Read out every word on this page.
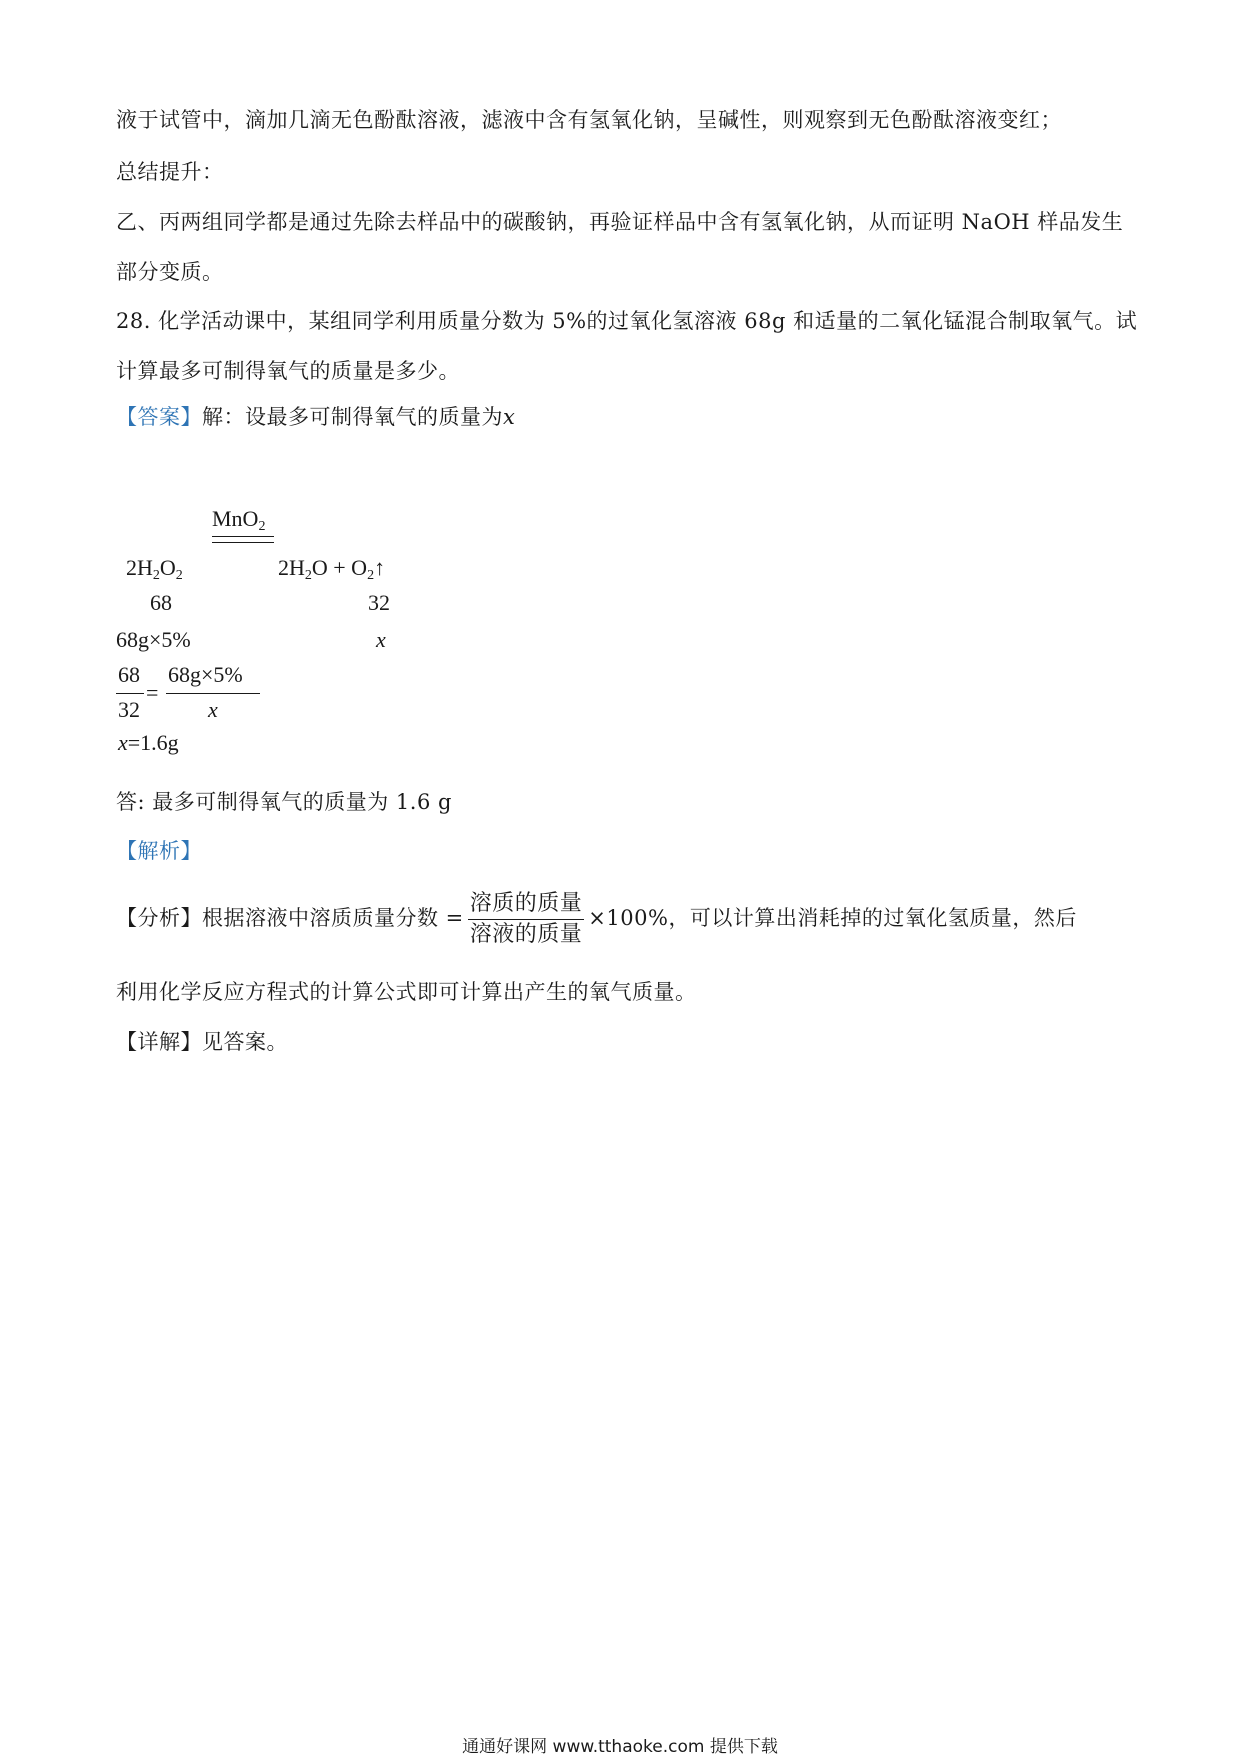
液于试管中，滴加几滴无色酚酞溶液，滤液中含有氢氧化钠，呈碱性，则观察到无色酚酞溶液变红；
总结提升：
乙、丙两组同学都是通过先除去样品中的碳酸钠，再验证样品中含有氢氧化钠，从而证明 NaOH 样品发生
部分变质。
28. 化学活动课中，某组同学利用质量分数为 5%的过氧化氢溶液 68g 和适量的二氧化锰混合制取氧气。试
计算最多可制得氧气的质量是多少。
【答案】解：设最多可制得氧气的质量为x
MnO$_2$
$2H_2O_2$	$2H_2O$ + $O_2↑$
68	32
68g×5%	x
68
32
=
68g×5%
x
x=1.6g
答: 最多可制得氧气的质量为 1.6 g
【解析】
【分析】根据溶液中溶质质量分数 = $\frac{\text{溶质的质量}}{\text{溶液的质量}} \times 100\%$，可以计算出消耗掉的过氧化氢质量，然后
利用化学反应方程式的计算公式即可计算出产生的氧气质量。
【详解】见答案。
通通好课网 www.tthaoke.com 提供下载
